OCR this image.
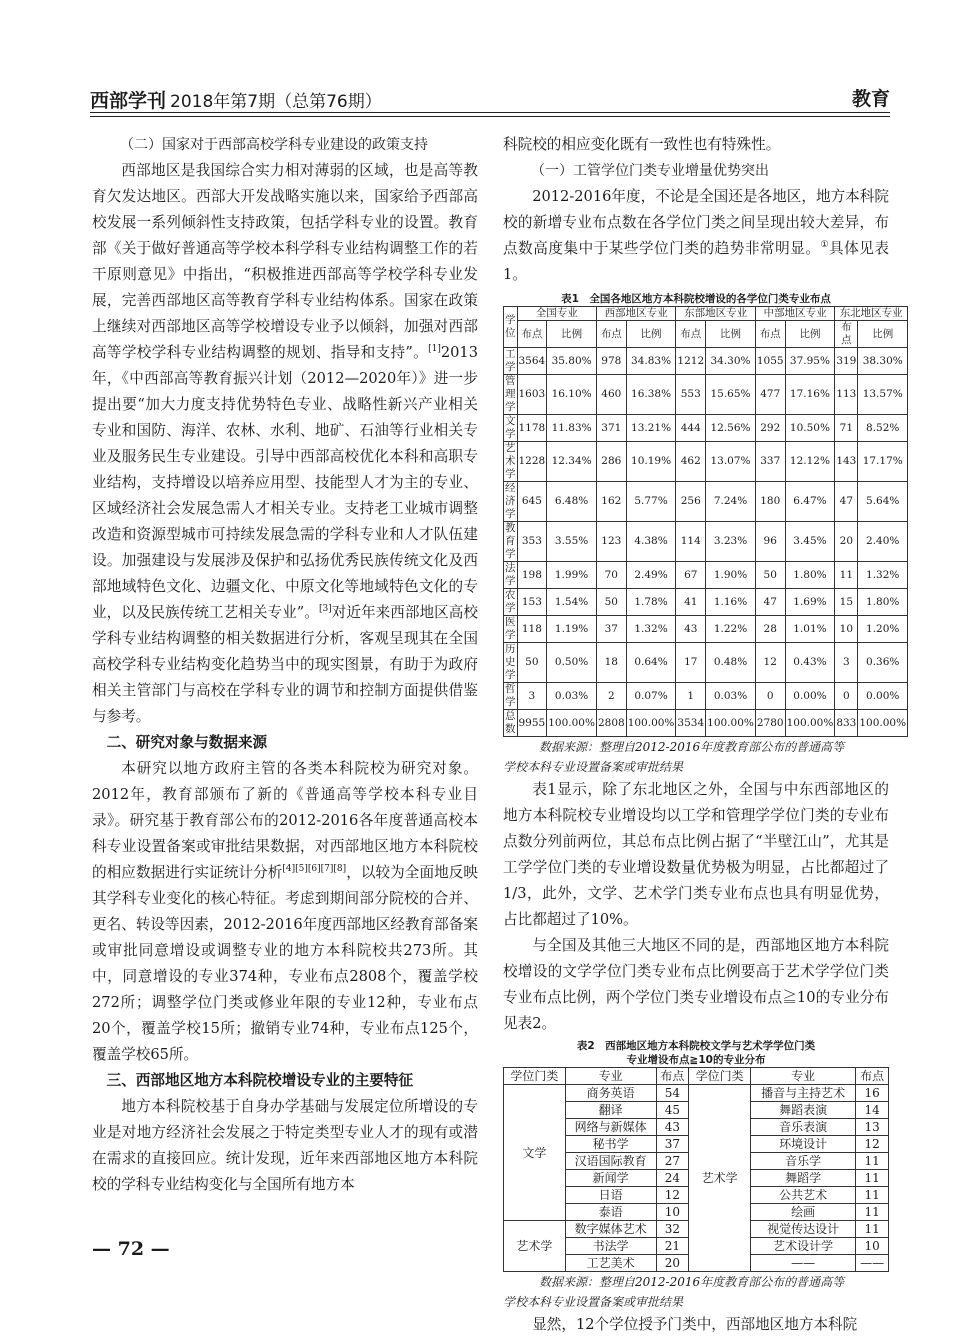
西部学刊 2018年第7期（总第76期）	教育
（二）国家对于西部高校学科专业建设的政策支持

西部地区是我国综合实力相对薄弱的区域，也是高等教育欠发达地区。西部大开发战略实施以来，国家给予西部高校发展一系列倾斜性支持政策，包括学科专业的设置。教育部《关于做好普通高等学校本科学科专业结构调整工作的若干原则意见》中指出，“积极推进西部高等学校学科专业发展，完善西部地区高等教育学科专业结构体系。国家在政策上继续对西部地区高等学校增设专业予以倾斜，加强对西部高等学校学科专业结构调整的规划、指导和支持”。[1]2013年，《中西部高等教育振兴计划（2012—2020年）》进一步提出要“加大力度支持优势特色专业、战略性新兴产业相关专业和国防、海洋、农林、水利、地矿、石油等行业相关专业及服务民生专业建设。引导中西部高校优化本科和高职专业结构，支持增设以培养应用型、技能型人才为主的专业、区域经济社会发展急需人才相关专业。支持老工业城市调整改造和资源型城市可持续发展急需的学科专业和人才队伍建设。加强建设与发展涉及保护和弘扬优秀民族传统文化及西部地域特色文化、边疆文化、中原文化等地域特色文化的专业，以及民族传统工艺相关专业”。[3]对近年来西部地区高校学科专业结构调整的相关数据进行分析，客观呈现其在全国高校学科专业结构变化趋势当中的现实图景，有助于为政府相关主管部门与高校在学科专业的调节和控制方面提供借鉴与参考。

二、研究对象与数据来源

本研究以地方政府主管的各类本科院校为研究对象。2012年，教育部颁布了新的《普通高等学校本科专业目录》。研究基于教育部公布的2012-2016各年度普通高校本科专业设置备案或审批结果数据，对西部地区地方本科院校的相应数据进行实证统计分析[4][5][6][7][8]，以较为全面地反映其学科专业变化的核心特征。考虑到期间部分院校的合并、更名、转设等因素，2012-2016年度西部地区经教育部备案或审批同意增设或调整专业的地方本科院校共273所。其中，同意增设的专业374种，专业布点2808个，覆盖学校272所；调整学位门类或修业年限的专业12种，专业布点20个，覆盖学校15所；撤销专业74种，专业布点125个，覆盖学校65所。

三、西部地区地方本科院校增设专业的主要特征

地方本科院校基于自身办学基础与发展定位所增设的专业是对地方经济社会发展之于特定类型专业人才的现有或潜在需求的直接回应。统计发现，近年来西部地区地方本科院校的学科专业结构变化与全国所有地方本

科院校的相应变化既有一致性也有特殊性。

（一）工管学位门类专业增量优势突出

2012-2016年度，不论是全国还是各地区，地方本科院校的新增专业布点数在各学位门类之间呈现出较大差异，布点数高度集中于某些学位门类的趋势非常明显。①具体见表1。

表1　全国各地区地方本科院校增设的各学位门类专业布点
学位	全国专业		西部地区专业		东部地区专业		中部地区专业		东北地区专业	
	布点	比例	布点	比例	布点	比例	布点	比例	布点	比例
工学	3564	35.80%	978	34.83%	1212	34.30%	1055	37.95%	319	38.30%
管理学	1603	16.10%	460	16.38%	553	15.65%	477	17.16%	113	13.57%
文学	1178	11.83%	371	13.21%	444	12.56%	292	10.50%	71	8.52%
艺术学	1228	12.34%	286	10.19%	462	13.07%	337	12.12%	143	17.17%
经济学	645	6.48%	162	5.77%	256	7.24%	180	6.47%	47	5.64%
教育学	353	3.55%	123	4.38%	114	3.23%	96	3.45%	20	2.40%
法学	198	1.99%	70	2.49%	67	1.90%	50	1.80%	11	1.32%
农学	153	1.54%	50	1.78%	41	1.16%	47	1.69%	15	1.80%
医学	118	1.19%	37	1.32%	43	1.22%	28	1.01%	10	1.20%
历史学	50	0.50%	18	0.64%	17	0.48%	12	0.43%	3	0.36%
哲学	3	0.03%	2	0.07%	1	0.03%	0	0.00%	0	0.00%
总数	9955	100.00%	2808	100.00%	3534	100.00%	2780	100.00%	833	100.00%
数据来源：整理自2012-2016年度教育部公布的普通高等
学校本科专业设置备案或审批结果

表1显示，除了东北地区之外，全国与中东西部地区的地方本科院校专业增设均以工学和管理学学位门类的专业布点数分列前两位，其总布点比例占据了“半壁江山”，尤其是工学学位门类的专业增设数量优势极为明显，占比都超过了1/3，此外，文学、艺术学门类专业布点也具有明显优势，占比都超过了10%。

与全国及其他三大地区不同的是，西部地区地方本科院校增设的文学学位门类专业布点比例要高于艺术学学位门类专业布点比例，两个学位门类专业增设布点≧10的专业分布见表2。

表2　西部地区地方本科院校文学与艺术学学位门类
专业增设布点≧10的专业分布
学位门类	专业	布点	学位门类	专业	布点
文学	商务英语	54	艺术学	播音与主持艺术	16
	翻译	45		舞蹈表演	14
	网络与新媒体	43		音乐表演	13
	秘书学	37		环境设计	12
	汉语国际教育	27		音乐学	11
	新闻学	24		舞蹈学	11
	日语	12		公共艺术	11
	泰语	10		绘画	11
艺术学	数字媒体艺术	32		视觉传达设计	11
	书法学	21		艺术设计学	10
	工艺美术	20		——	——
数据来源：整理自2012-2016年度教育部公布的普通高等
学校本科专业设置备案或审批结果

显然，12个学位授予门类中，西部地区地方本科院

— 72 —
